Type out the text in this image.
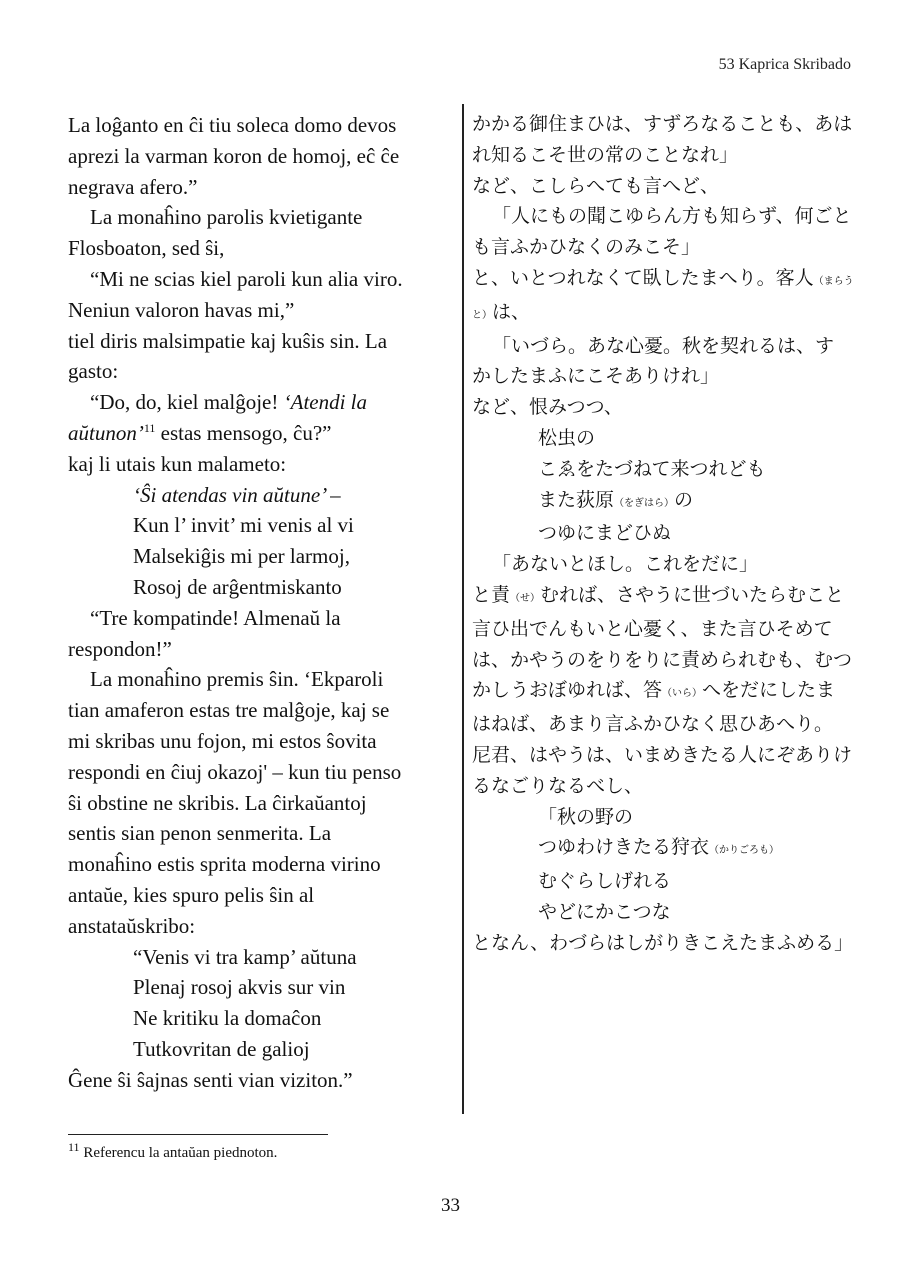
53 Kaprica Skribado

La loĝanto en ĉi tiu soleca domo devos
aprezi la varman koron de homoj, eĉ ĉe
negrava afero.”

La monaĥino parolis kvietigante
Flosboaton, sed ŝi,

“Mi ne scias kiel paroli kun alia viro.
Neniun valoron havas mi,”

tiel diris malsimpatie kaj kuŝis sin. La
gasto:

“Do, do, kiel malĝoje! ‘Atendi la
aŭtunon’$^{11}$ estas mensogo, ĉu?”

kaj li utais kun malameto:

‘Ŝi atendas vin aŭtune’ –
Kun l’ invit’ mi venis al vi
Malsekiĝis mi per larmoj,
Rosoj de arĝentmiskanto

“Tre kompatinde! Almenaŭ la
respondon!”

La monaĥino premis ŝin. ‘Ekparoli
tian amaferon estas tre malĝoje, kaj se
mi skribas unu fojon, mi estos ŝovita
respondi en ĉiuj okazoj' – kun tiu penso
ŝi obstine ne skribis. La ĉirkaŭantoj
sentis sian penon senmerita. La
monaĥino estis sprita moderna virino
antaŭe, kies spuro pelis ŝin al
anstataŭskribo:

“Venis vi tra kamp’ aŭtuna
Plenaj rosoj akvis sur vin
Ne kritiku la domaĉon
Tutkovritan de galioj

Ĝene ŝi ŝajnas senti vian viziton.”

かかる御住まひは、すずろなることも、あは

れ知るこそ世の常のことなれ」

など、こしらへても言へど、

「人にもの聞こゆらん方も知らず、何ごと

も言ふかひなくのみこそ」

と、いとつれなくて臥したまへり。客人（まらう

と）は、

「いづら。あな心憂。秋を契れるは、す

かしたまふにこそありけれ」

など、恨みつつ、

松虫の

こゑをたづねて来つれども

また荻原（をぎはら）の

つゆにまどひぬ

「あないとほし。これをだに」

と責（せ）むれば、さやうに世づいたらむこと

言ひ出でんもいと心憂く、また言ひそめて

は、かやうのをりをりに責められむも、むつ

かしうおぼゆれば、答（いら）へをだにしたま

はねば、あまり言ふかひなく思ひあへり。

尼君、はやうは、いまめきたる人にぞありけ

るなごりなるべし、

「秋の野の

つゆわけきたる狩衣（かりごろも）

むぐらしげれる

やどにかこつな

となん、わづらはしがりきこえたまふめる」

$^{11}$ Referencu la antaŭan piednoton.
33
